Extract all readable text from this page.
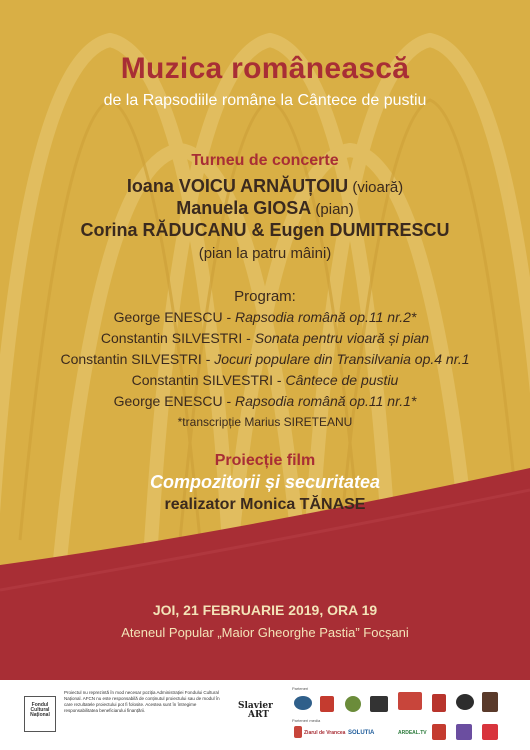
Muzica românească
de la Rapsodiile române la Cântece de pustiu
Turneu de concerte
Ioana VOICU ARNĂUȚOIU (vioară)
Manuela GIOSA (pian)
Corina RĂDUCANU & Eugen DUMITRESCU
(pian la patru mâini)
Program:
George ENESCU - Rapsodia română op.11 nr.2*
Constantin SILVESTRI - Sonata pentru vioară și pian
Constantin SILVESTRI - Jocuri populare din Transilvania op.4 nr.1
Constantin SILVESTRI - Cântece de pustiu
George ENESCU - Rapsodia română op.11 nr.1*
*transcripție Marius SIRETEANU
Proiecție film
Compozitorii și securitatea
realizator Monica TĂNASE
JOI, 21 FEBRUARIE 2019, ORA 19
Ateneul Popular „Maior Gheorghe Pastia” Focșani
Fondul Cultural Național
Proiectul nu reprezintă în mod necesar poziția Administrației Fondului Cultural Național. AFCN nu este responsabilă de conținutul proiectului sau de modul în care rezultatele proiectului pot fi folosite. Acestea sunt în întregime responsabilitatea beneficiarului finanțării.	Slavier
ART
Parteneri
Parteneri media
Ziarul de Vrancea SOLUTIA	ARDEAL.TV
